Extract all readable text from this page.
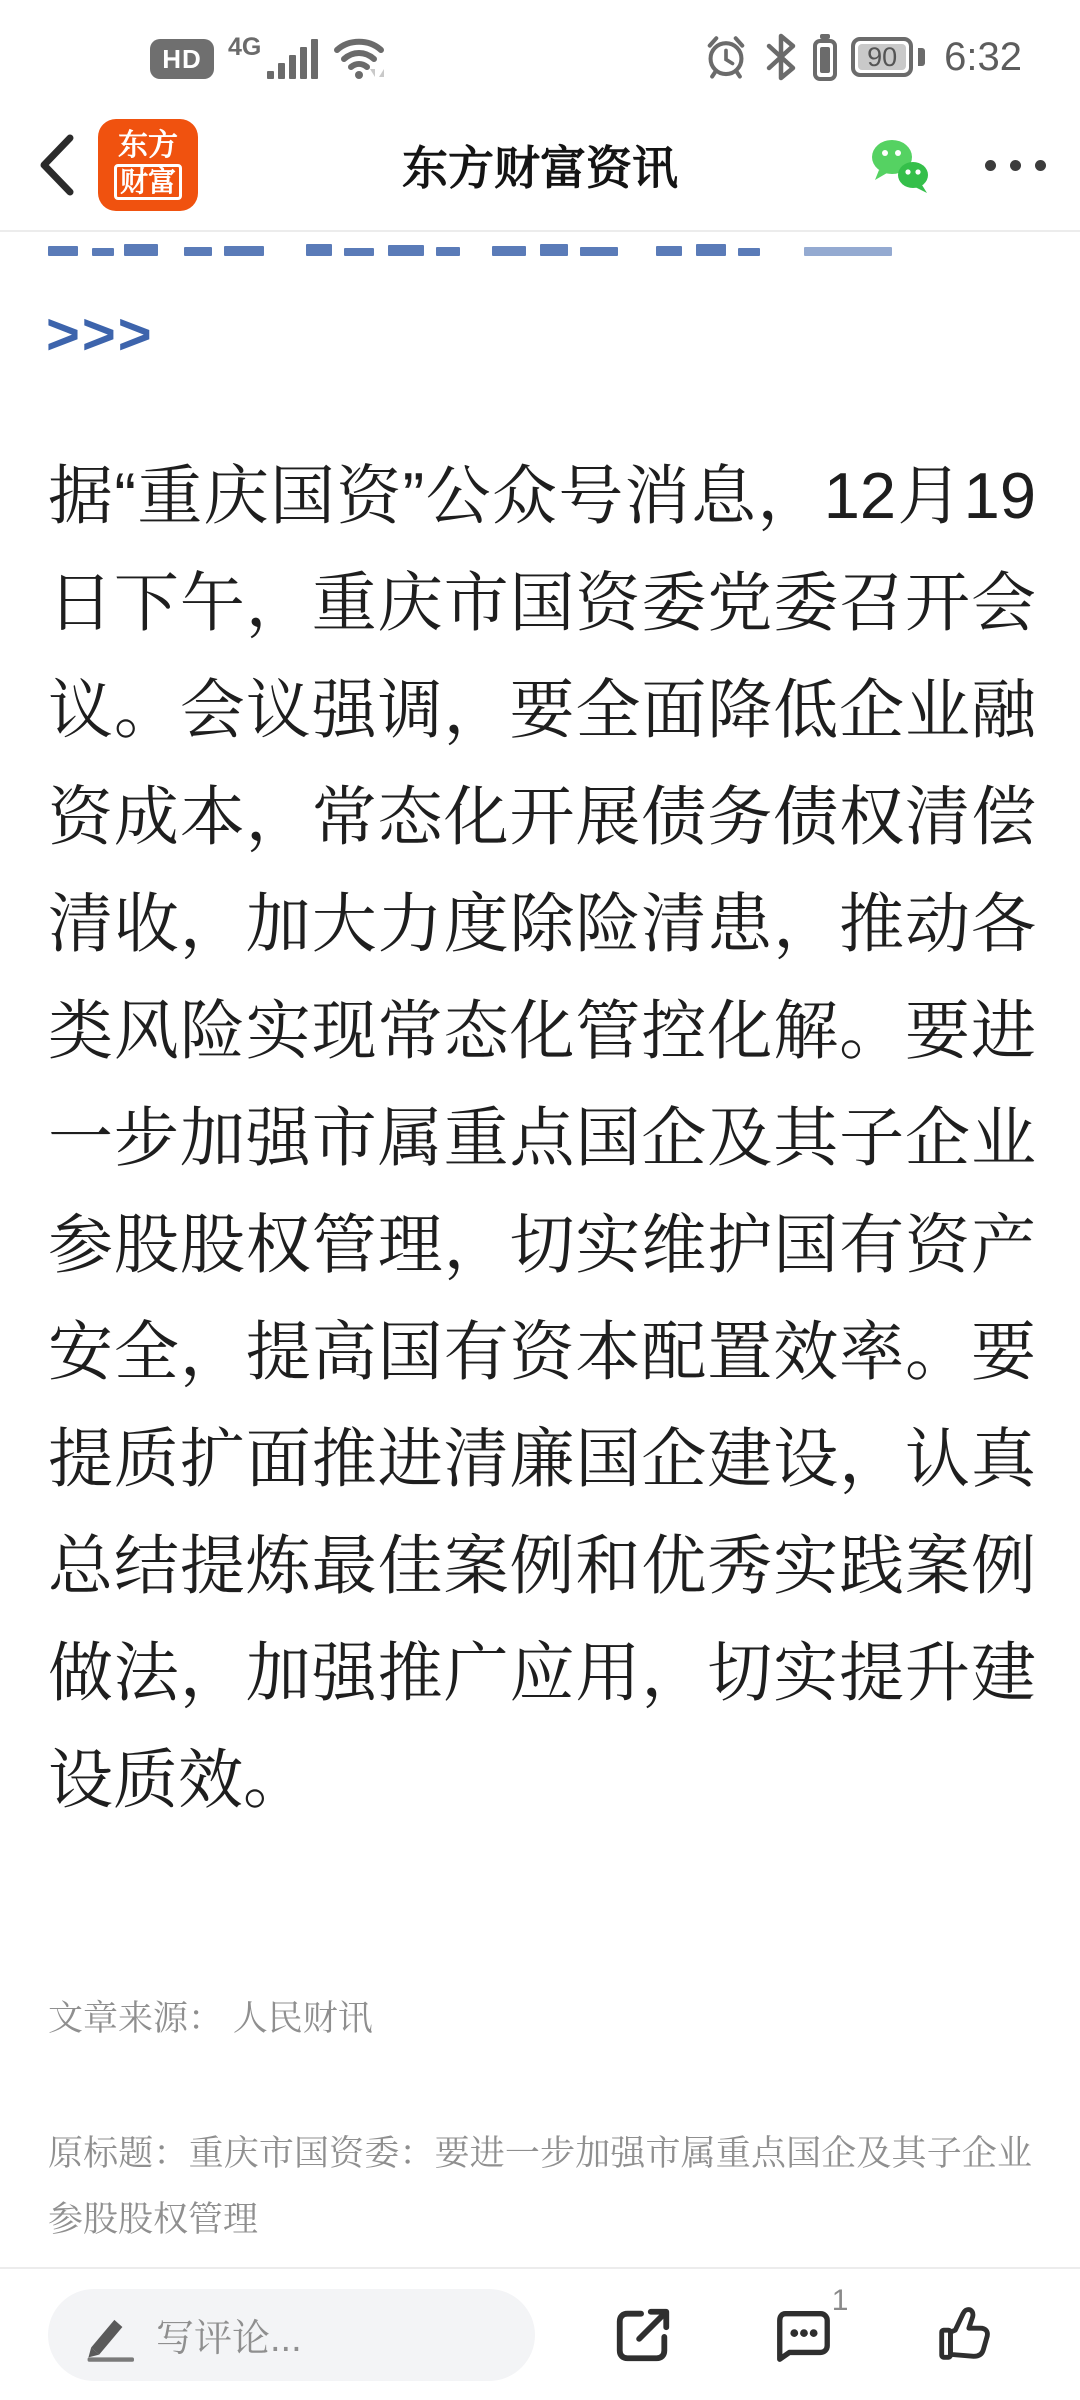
HD 4G	90 6:32
东方
财富	东方财富资讯
>>>

据“重庆国资”公众号消息，12月19日下午，重庆市国资委党委召开会议。会议强调，要全面降低企业融资成本，常态化开展债务债权清偿清收，加大力度除险清患，推动各类风险实现常态化管控化解。要进一步加强市属重点国企及其子企业参股股权管理，切实维护国有资产安全，提高国有资本配置效率。要提质扩面推进清廉国企建设，认真总结提炼最佳案例和优秀实践案例做法，加强推广应用，切实提升建设质效。

文章来源： 人民财讯
原标题：重庆市国资委：要进一步加强市属重点国企及其子企业参股股权管理
写评论...
1
